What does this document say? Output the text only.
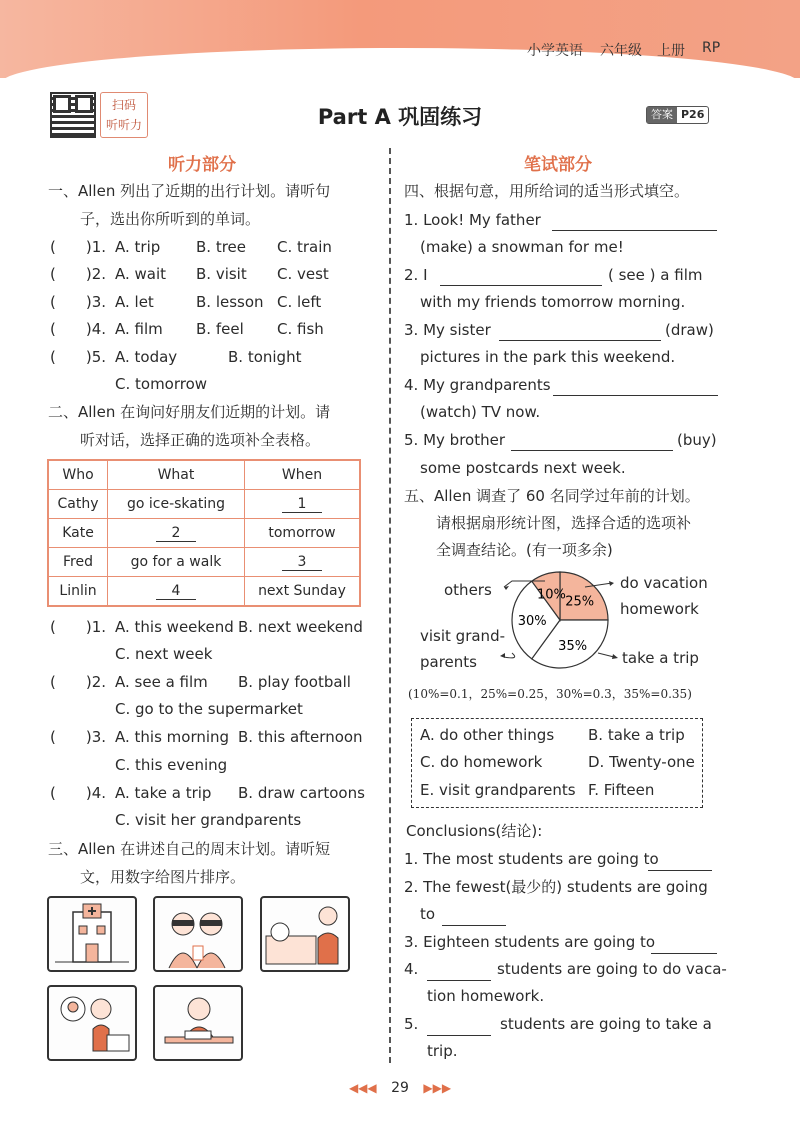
小学英语 六年级 上册 RP
扫码
听听力	Part A 巩固练习	答案 P26
听力部分
一、Allen 列出了近期的出行计划。请听句
子，选出你所听到的单词。
( )1. A. trip B. tree C. train
( )2. A. wait B. visit C. vest
( )3. A. let	B. lesson C. left
( )4. A. film B. feel C. fish
( )5. A. today	B. tonight
C. tomorrow
二、Allen 在询问好朋友们近期的计划。请
听对话，选择正确的选项补全表格。
Who	What	When
Cathy	go ice-skating	1
Kate	2	tomorrow
Fred	go for a walk	3
Linlin	4	next Sunday
( )1. A. this weekend B. next weekend
C. next week
( )2. A. see a film B. play football
C. go to the supermarket
( )3. A. this morning B. this afternoon
C. this evening
( )4. A. take a trip B. draw cartoons
C. visit her grandparents
三、Allen 在讲述自己的周末计划。请听短
文，用数字给图片排序。
笔试部分
四、根据句意，用所给词的适当形式填空。
1. Look! My father
(make) a snowman for me!
2. I	( see ) a film
with my friends tomorrow morning.
3. My sister	(draw)
pictures in the park this weekend.
4. My grandparents
(watch) TV now.
5. My brother	(buy)
some postcards next week.
五、Allen 调查了 60 名同学过年前的计划。
请根据扇形统计图，选择合适的选项补
全调查结论。(有一项多余)
25%
35%
30%
10%
others	do vacation
homework
visit grand-
parents	take a trip
(10%=0.1，25%=0.25，30%=0.3，35%=0.35)
A. do other things B. take a trip
C. do homework	D. Twenty-one
E. visit grandparents F. Fifteen
Conclusions(结论):
1. The most students are going to
2. The fewest(最少的) students are going
to
3. Eighteen students are going to
4.	students are going to do vaca-
tion homework.
5.	students are going to take a
trip.
◀◀◀ 29 ▶▶▶
